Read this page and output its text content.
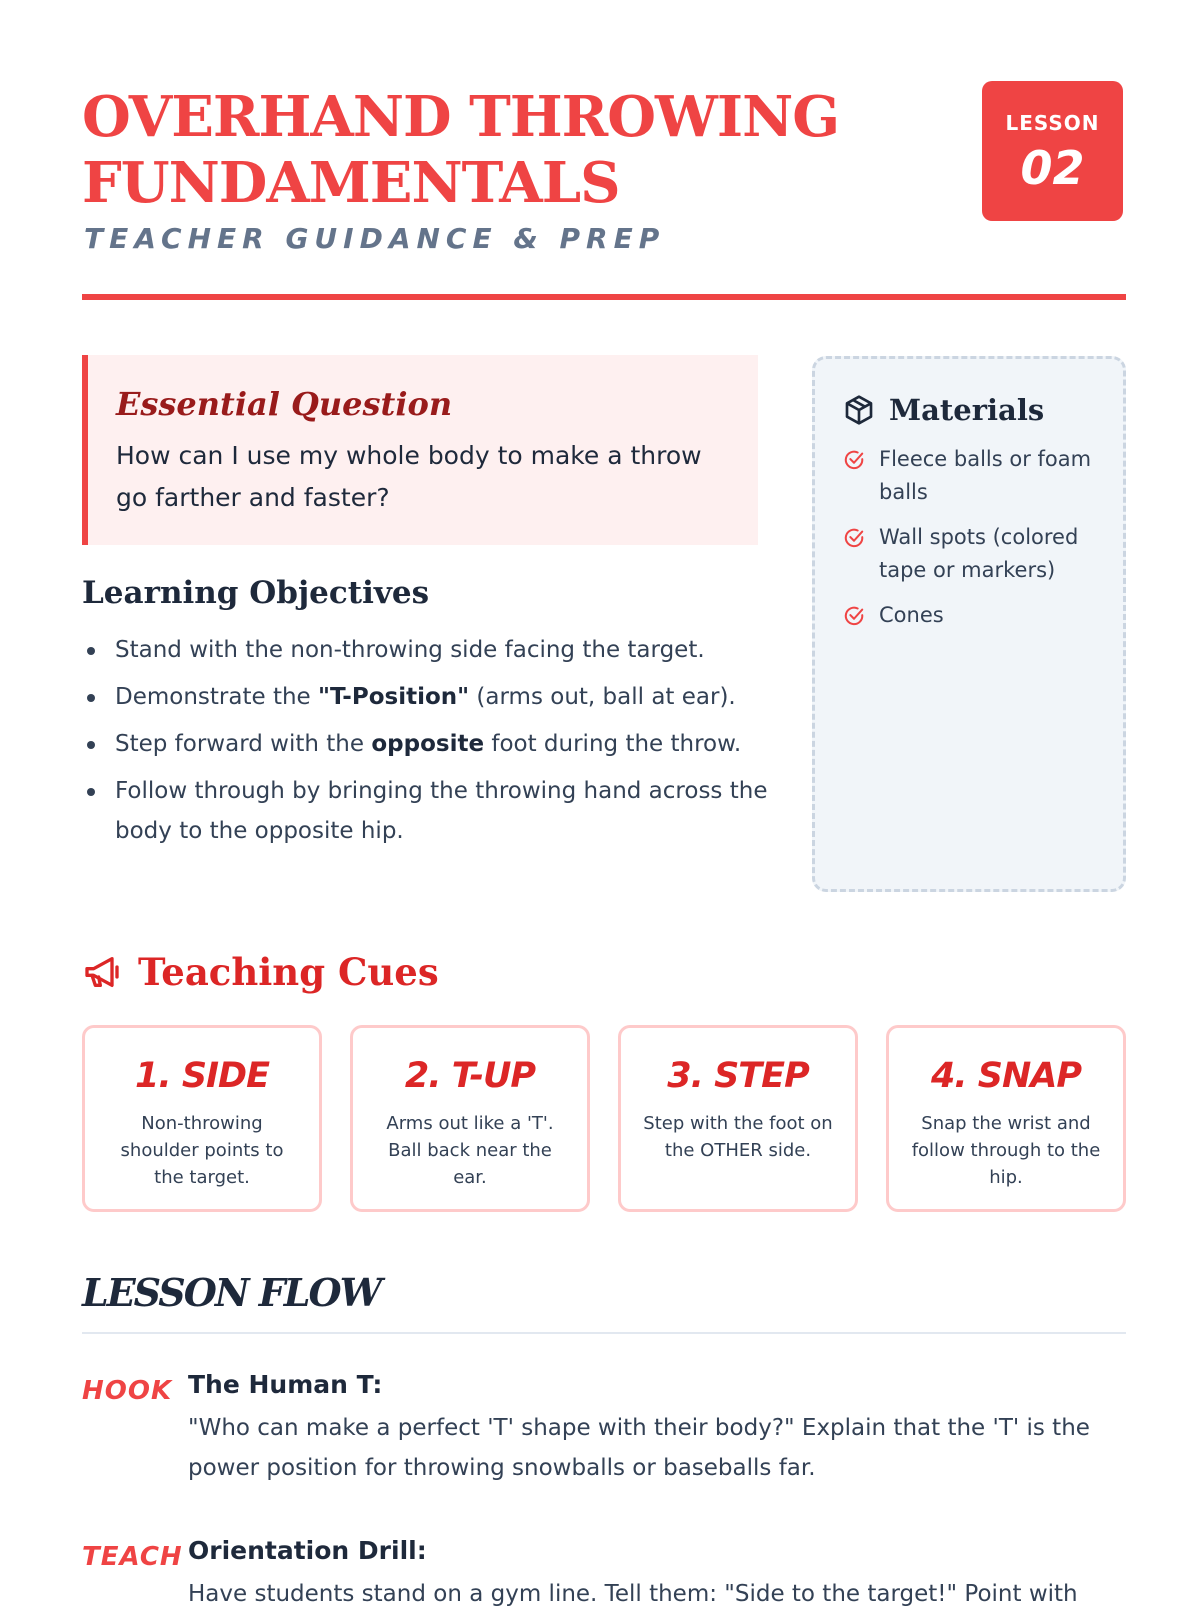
OVERHAND THROWING
FUNDAMENTALS

TEACHER GUIDANCE & PREP

LESSON
02
Essential Question

How can I use my whole body to make a throw go farther and faster?

Learning Objectives
Stand with the non-throwing side facing the target.
Demonstrate the "T-Position" (arms out, ball at ear).
Step forward with the opposite foot during the throw.
Follow through by bringing the throwing hand across the body to the opposite hip.
Materials
Fleece balls or foam balls
Wall spots (colored tape or markers)
Cones
Teaching Cues
1. SIDE
Non-throwing shoulder points to the target.
2. T-UP
Arms out like a 'T'. Ball back near the ear.
3. STEP
Step with the foot on the OTHER side.
4. SNAP
Snap the wrist and follow through to the hip.
LESSON FLOW
HOOK The Human T:
"Who can make a perfect 'T' shape with their body?" Explain that the 'T' is the power position for throwing snowballs or baseballs far.
TEACH Orientation Drill:
Have students stand on a gym line. Tell them: "Side to the target!" Point with
